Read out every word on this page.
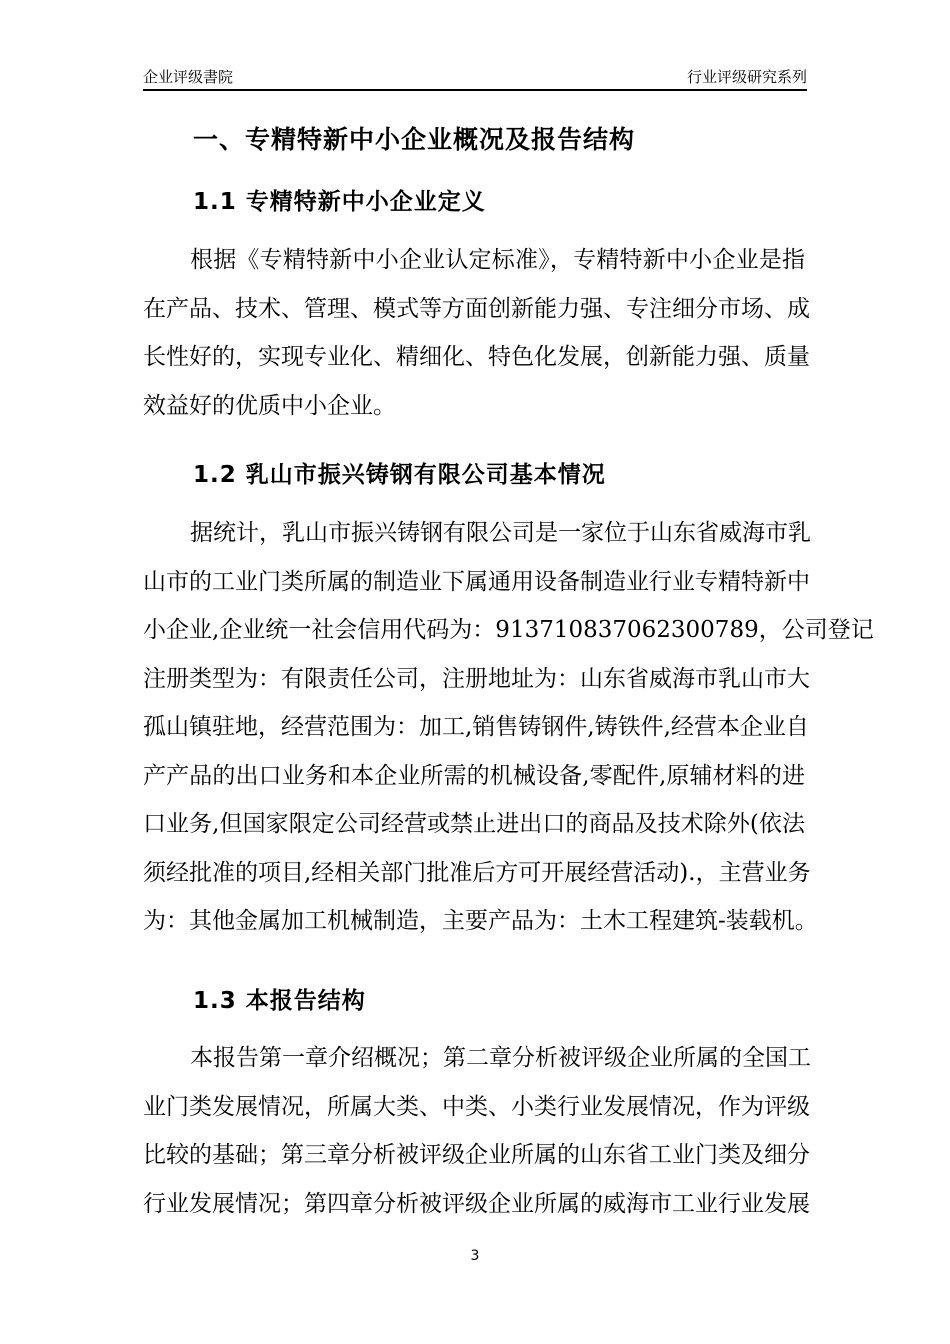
企业评级書院	行业评级研究系列
一、专精特新中小企业概况及报告结构
1.1 专精特新中小企业定义
根据《专精特新中小企业认定标准》，专精特新中小企业是指
在产品、技术、管理、模式等方面创新能力强、专注细分市场、成
长性好的，实现专业化、精细化、特色化发展，创新能力强、质量
效益好的优质中小企业。
1.2 乳山市振兴铸钢有限公司基本情况
据统计，乳山市振兴铸钢有限公司是一家位于山东省威海市乳
山市的工业门类所属的制造业下属通用设备制造业行业专精特新中
小企业,企业统一社会信用代码为：913710837062300789，公司登记
注册类型为：有限责任公司，注册地址为：山东省威海市乳山市大
孤山镇驻地，经营范围为：加工,销售铸钢件,铸铁件,经营本企业自
产产品的出口业务和本企业所需的机械设备,零配件,原辅材料的进
口业务,但国家限定公司经营或禁止进出口的商品及技术除外(依法
须经批准的项目,经相关部门批准后方可开展经营活动).，主营业务
为：其他金属加工机械制造，主要产品为：土木工程建筑-装载机。
1.3 本报告结构
本报告第一章介绍概况；第二章分析被评级企业所属的全国工
业门类发展情况，所属大类、中类、小类行业发展情况，作为评级
比较的基础；第三章分析被评级企业所属的山东省工业门类及细分
行业发展情况；第四章分析被评级企业所属的威海市工业行业发展
3
